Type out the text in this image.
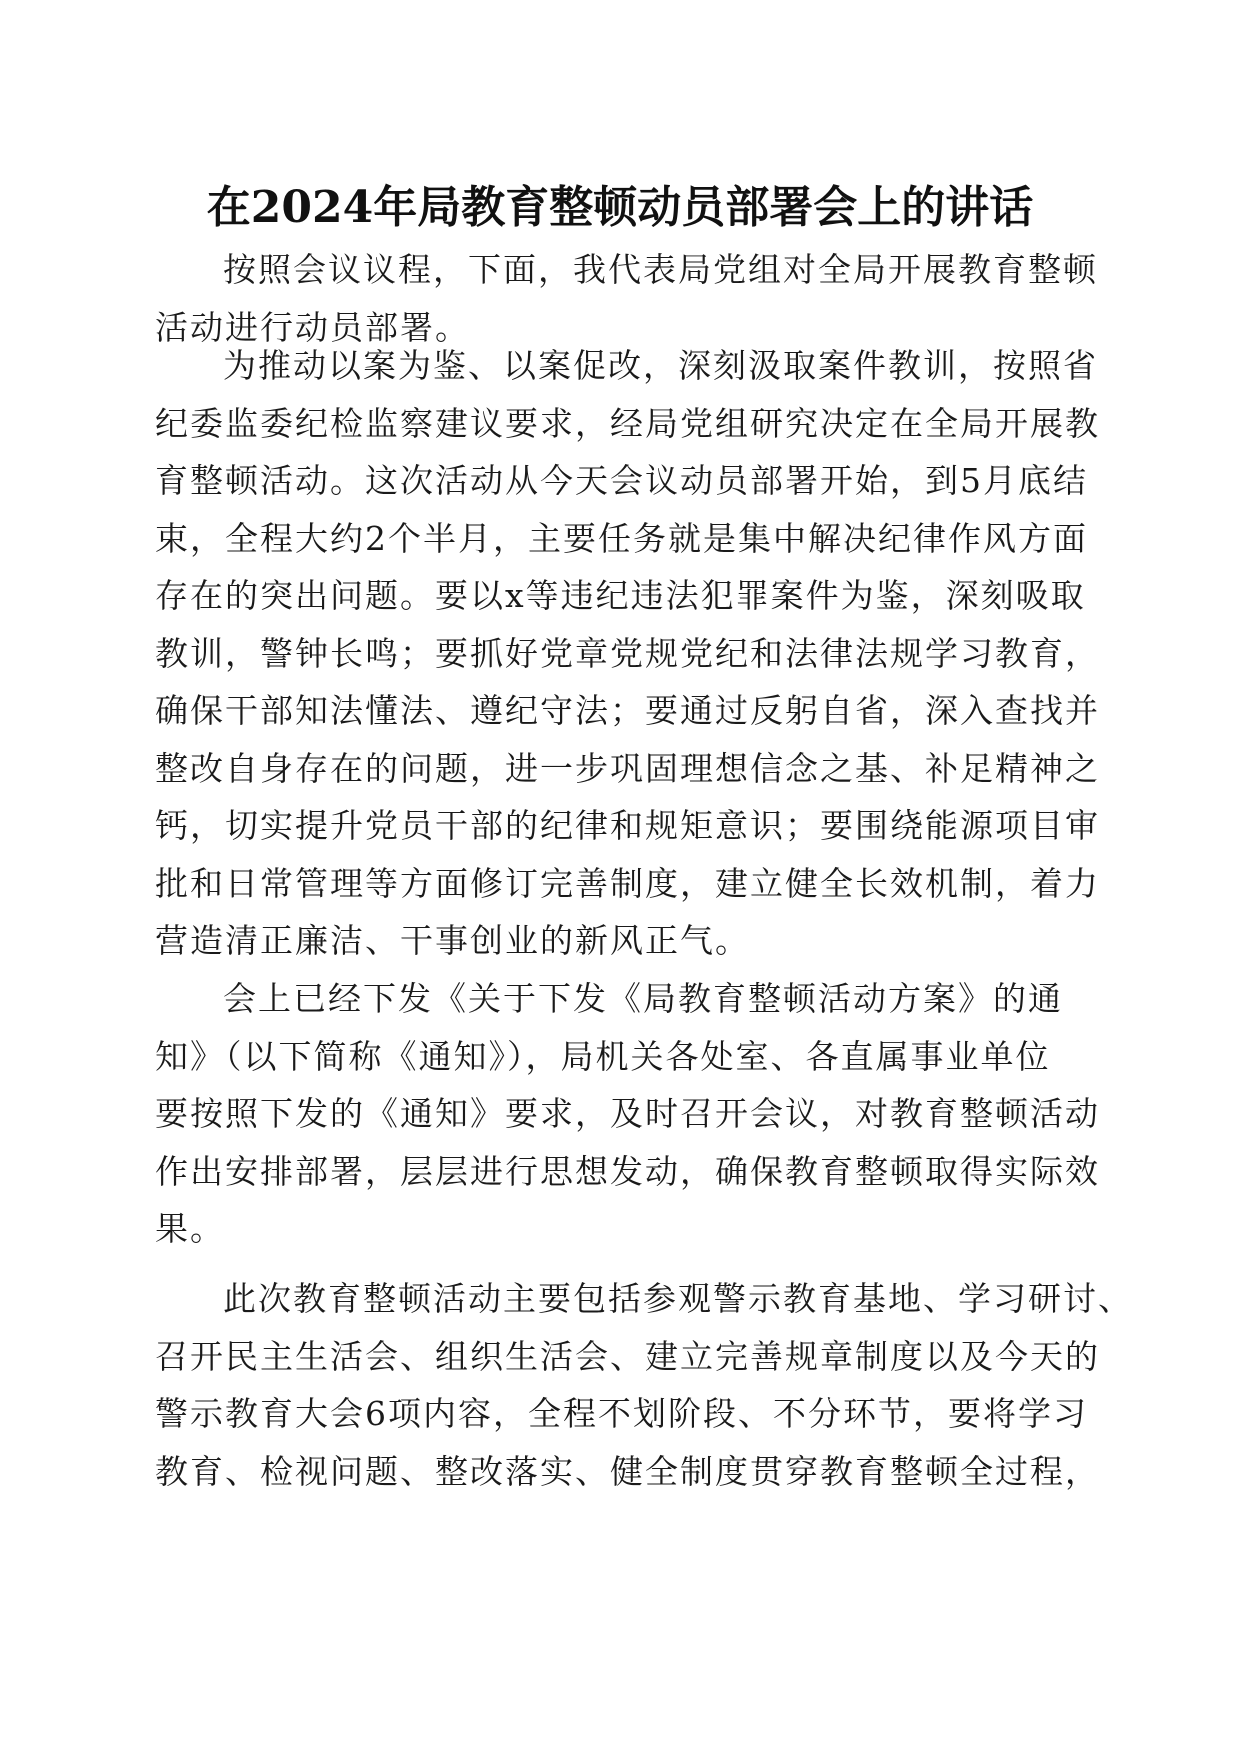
在2024年局教育整顿动员部署会上的讲话

按照会议议程，下面，我代表局党组对全局开展教育整顿
活动进行动员部署。

为推动以案为鉴、以案促改，深刻汲取案件教训，按照省
纪委监委纪检监察建议要求，经局党组研究决定在全局开展教
育整顿活动。这次活动从今天会议动员部署开始，到5月底结
束，全程大约2个半月，主要任务就是集中解决纪律作风方面
存在的突出问题。要以x等违纪违法犯罪案件为鉴，深刻吸取
教训，警钟长鸣；要抓好党章党规党纪和法律法规学习教育，
确保干部知法懂法、遵纪守法；要通过反躬自省，深入查找并
整改自身存在的问题，进一步巩固理想信念之基、补足精神之
钙，切实提升党员干部的纪律和规矩意识；要围绕能源项目审
批和日常管理等方面修订完善制度，建立健全长效机制，着力
营造清正廉洁、干事创业的新风正气。

会上已经下发《关于下发《局教育整顿活动方案》的通
知》（以下简称《通知》），局机关各处室、各直属事业单位
要按照下发的《通知》要求，及时召开会议，对教育整顿活动
作出安排部署，层层进行思想发动，确保教育整顿取得实际效
果。

此次教育整顿活动主要包括参观警示教育基地、学习研讨、
召开民主生活会、组织生活会、建立完善规章制度以及今天的
警示教育大会6项内容，全程不划阶段、不分环节，要将学习
教育、检视问题、整改落实、健全制度贯穿教育整顿全过程，
